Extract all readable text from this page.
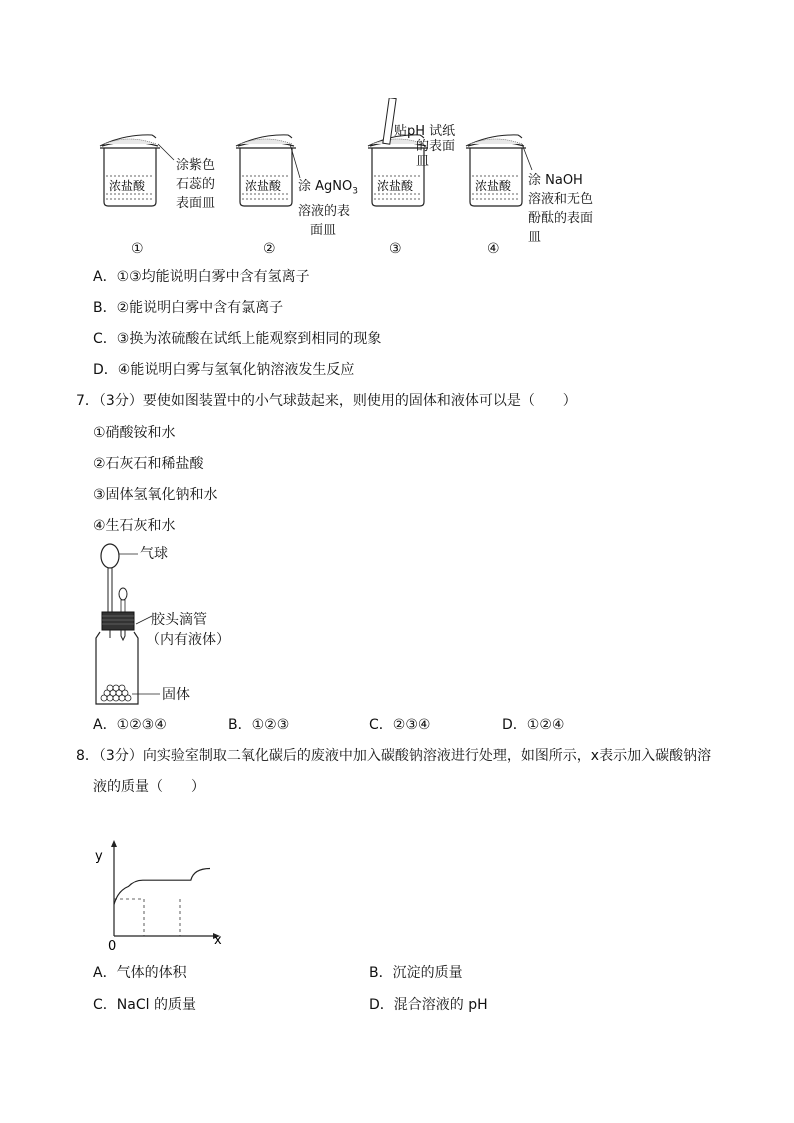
浓盐酸	浓盐酸	浓盐酸	浓盐酸
涂紫色
石蕊的
表面皿
涂 AgNO$_3$
溶液的表
面皿
贴pH 试纸
的表面
皿
涂 NaOH
溶液和无色
酚酞的表面
皿
①	②	③	④
A．①③均能说明白雾中含有氢离子
B．②能说明白雾中含有氯离子
C．③换为浓硫酸在试纸上能观察到相同的现象
D．④能说明白雾与氢氧化钠溶液发生反应
7．（3分）要使如图装置中的小气球鼓起来，则使用的固体和液体可以是（　　）
①硝酸铵和水
②石灰石和稀盐酸
③固体氢氧化钠和水
④生石灰和水
气球
胶头滴管
（内有液体）
固体
A．①②③④	B．①②③	C．②③④	D．①②④
8．（3分）向实验室制取二氧化碳后的废液中加入碳酸钠溶液进行处理，如图所示，x表示加入碳酸钠溶
液的质量（　　）
y
x
0
A．气体的体积	B．沉淀的质量
C．NaCl 的质量	D．混合溶液的 pH
